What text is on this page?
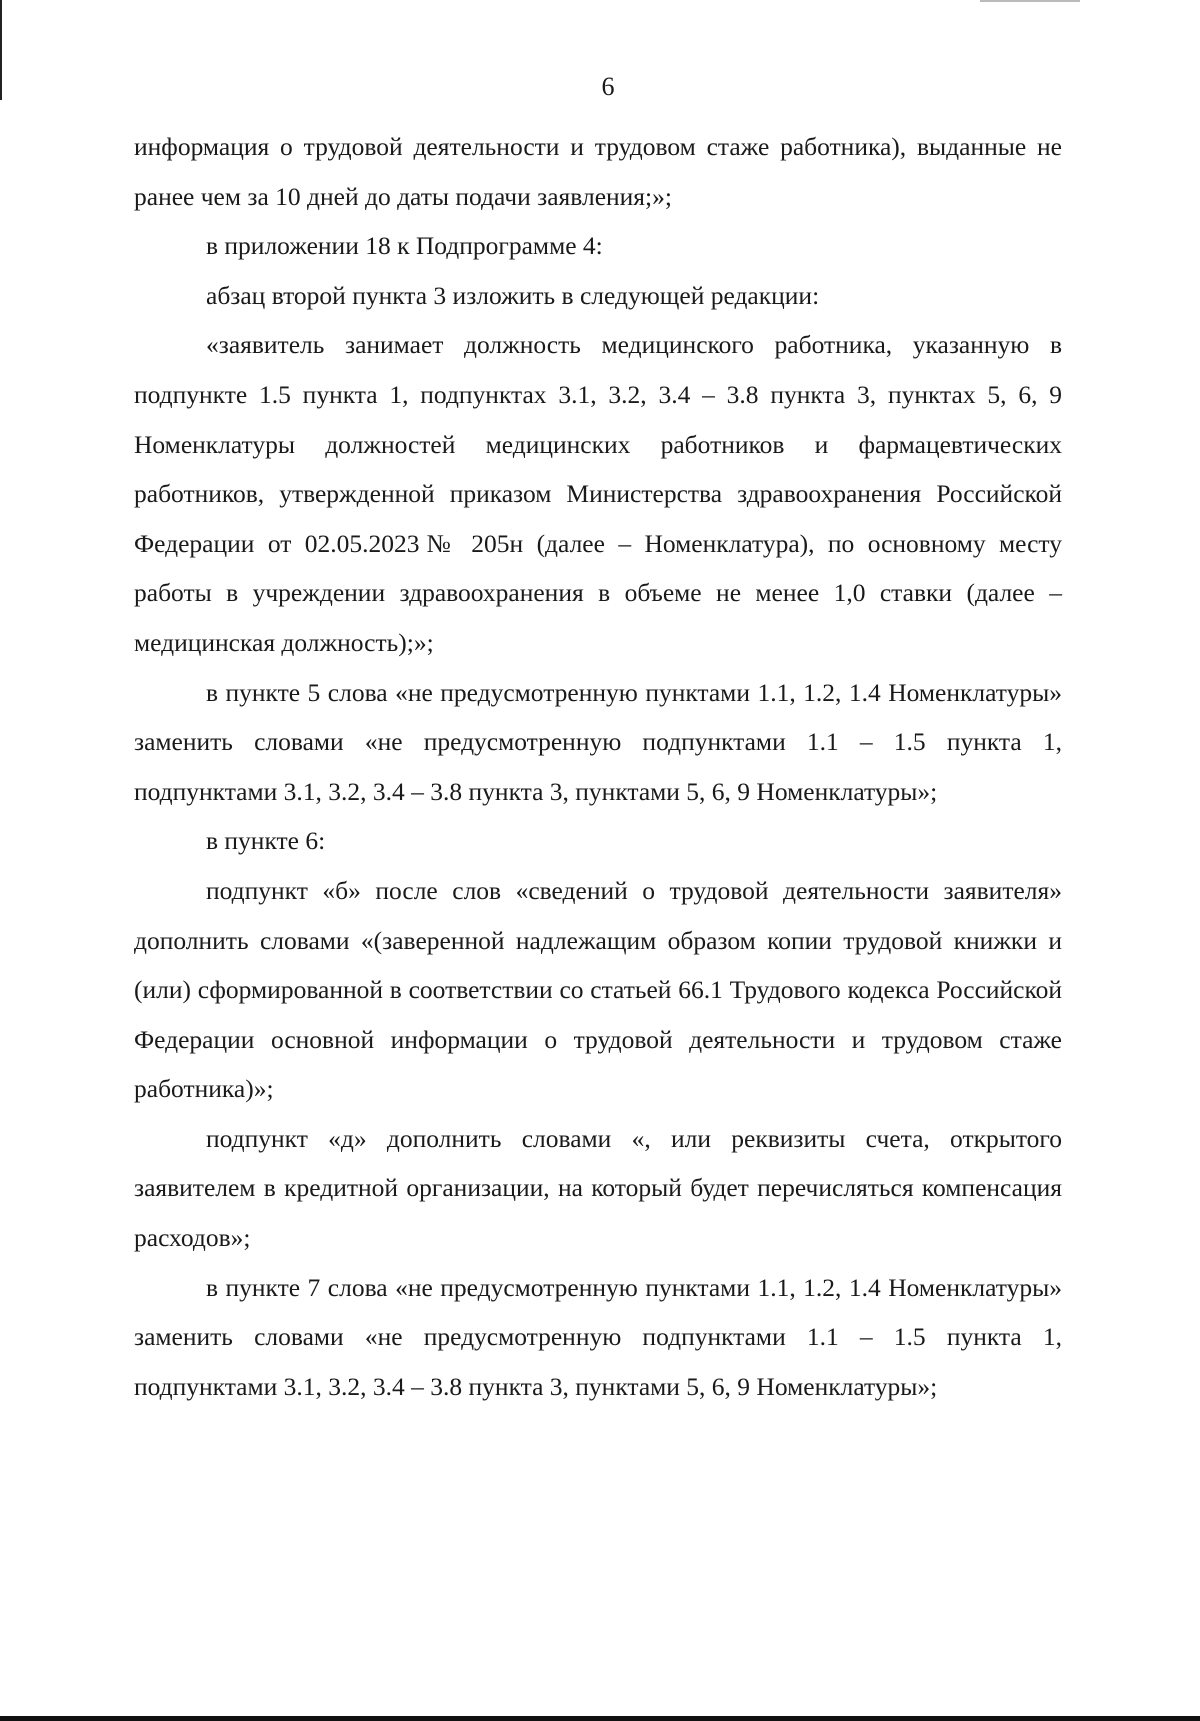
6

информация о трудовой деятельности и трудовом стаже работника), выданные не ранее чем за 10 дней до даты подачи заявления;»;

в приложении 18 к Подпрограмме 4:

абзац второй пункта 3 изложить в следующей редакции:

«заявитель занимает должность медицинского работника, указанную в подпункте 1.5 пункта 1, подпунктах 3.1, 3.2, 3.4 – 3.8 пункта 3, пунктах 5, 6, 9 Номенклатуры должностей медицинских работников и фармацевтических работников, утвержденной приказом Министерства здравоохранения Российской Федерации от 02.05.2023№ 205н (далее – Номенклатура), по основному месту работы в учреждении здравоохранения в объеме не менее 1,0 ставки (далее – медицинская должность);»;

в пункте 5 слова «не предусмотренную пунктами 1.1, 1.2, 1.4 Номенклатуры» заменить словами «не предусмотренную подпунктами 1.1 – 1.5 пункта 1, подпунктами 3.1, 3.2, 3.4 – 3.8 пункта 3, пунктами 5, 6, 9 Номенклатуры»;

в пункте 6:

подпункт «б» после слов «сведений о трудовой деятельности заявителя» дополнить словами «(заверенной надлежащим образом копии трудовой книжки и (или) сформированной в соответствии со статьей 66.1 Трудового кодекса Российской Федерации основной информации о трудовой деятельности и трудовом стаже работника)»;

подпункт «д» дополнить словами «, или реквизиты счета, открытого заявителем в кредитной организации, на который будет перечисляться компенсация расходов»;

в пункте 7 слова «не предусмотренную пунктами 1.1, 1.2, 1.4 Номенклатуры» заменить словами «не предусмотренную подпунктами 1.1 – 1.5 пункта 1, подпунктами 3.1, 3.2, 3.4 – 3.8 пункта 3, пунктами 5, 6, 9 Номенклатуры»;
